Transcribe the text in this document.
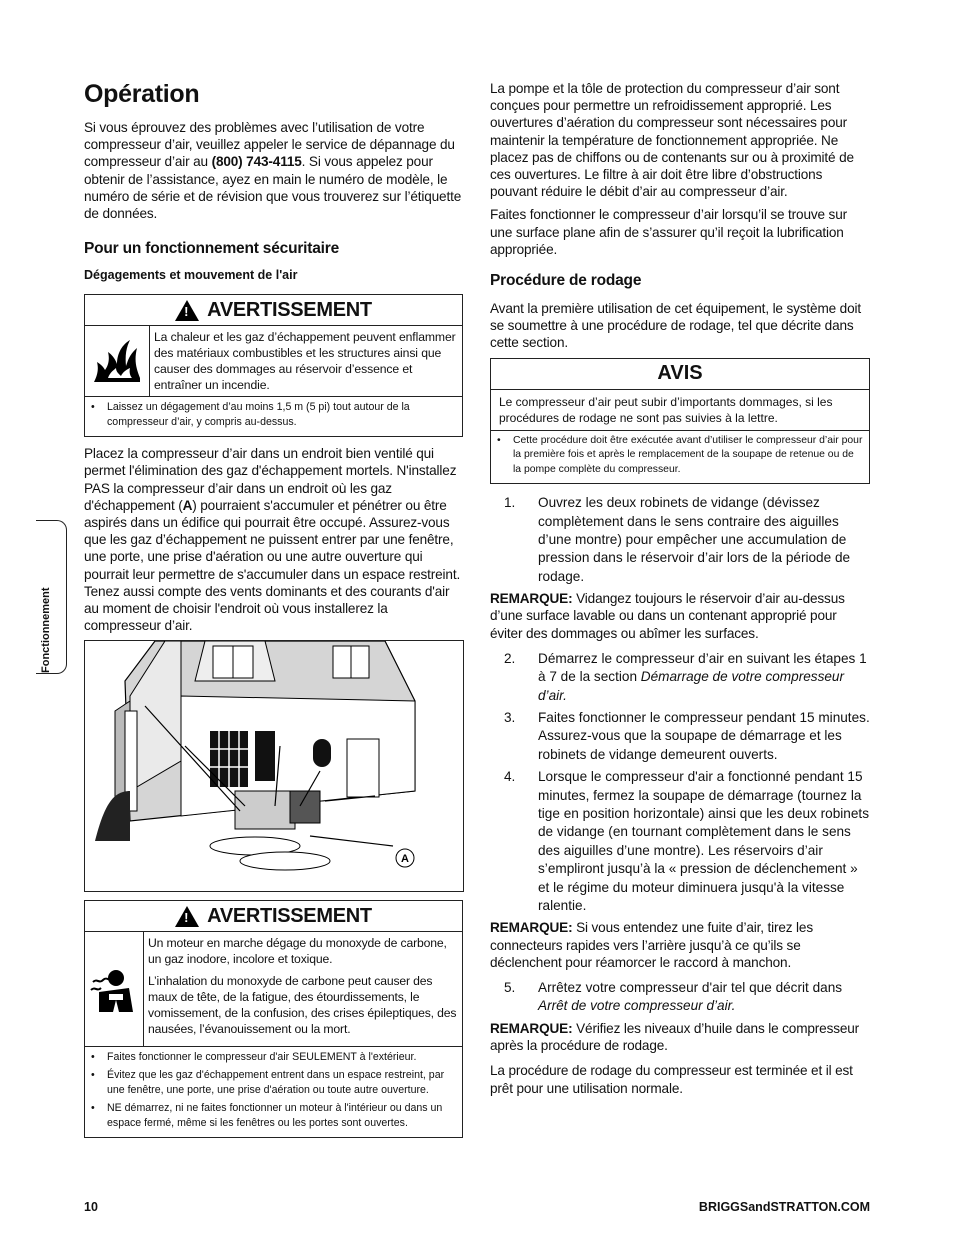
Fonctionnement
Opération

Si vous éprouvez des problèmes avec l’utilisation de votre compresseur d’air, veuillez appeler le service de dépannage du compresseur d’air au (800) 743-4115. Si vous appelez pour obtenir de l’assistance, ayez en main le numéro de modèle, le numéro de série et de révision que vous trouverez sur l’étiquette de données.

Pour un fonctionnement sécuritaire
Dégagements et mouvement de l'air
! AVERTISSEMENT
La chaleur et les gaz d’échappement peuvent enflammer des matériaux combustibles et les structures ainsi que causer des dommages au réservoir d’essence et entraîner un incendie.
•	Laissez un dégagement d’au moins 1,5 m (5 pi) tout autour de la compresseur d’air, y compris au-dessus.

Placez la compresseur d’air dans un endroit bien ventilé qui permet l'élimination des gaz d'échappement mortels. N'installez PAS la compresseur d’air dans un endroit où les gaz d'échappement (A) pourraient s'accumuler et pénétrer ou être aspirés dans un édifice qui pourrait être occupé. Assurez-vous que les gaz d’échappement ne puissent entrer par une fenêtre, une porte, une prise d'aération ou une autre ouverture qui pourrait leur permettre de s'accumuler dans un espace restreint. Tenez aussi compte des vents dominants et des courants d'air au moment de choisir l'endroit où vous installerez la compresseur d’air.

A
! AVERTISSEMENT

Un moteur en marche dégage du monoxyde de carbone, un gaz inodore, incolore et toxique.

L’inhalation du monoxyde de carbone peut causer des maux de tête, de la fatigue, des étourdissements, le vomissement, de la confusion, des crises épileptiques, des nausées, l’évanouissement ou la mort.

•	Faites fonctionner le compresseur d'air SEULEMENT à l'extérieur.
•	Évitez que les gaz d'échappement entrent dans un espace restreint, par une fenêtre, une porte, une prise d'aération ou toute autre ouverture.
•	NE démarrez, ni ne faites fonctionner un moteur à l'intérieur ou dans un espace fermé, même si les fenêtres ou les portes sont ouvertes.

La pompe et la tôle de protection du compresseur d’air sont conçues pour permettre un refroidissement approprié. Les ouvertures d’aération du compresseur sont nécessaires pour maintenir la température de fonctionnement appropriée. Ne placez pas de chiffons ou de contenants sur ou à proximité de ces ouvertures. Le filtre à air doit être libre d’obstructions pouvant réduire le débit d’air au compresseur d’air.

Faites fonctionner le compresseur d’air lorsqu’il se trouve sur une surface plane afin de s’assurer qu’il reçoit la lubrification appropriée.

Procédure de rodage

Avant la première utilisation de cet équipement, le système doit se soumettre à une procédure de rodage, tel que décrite dans cette section.

AVIS
Le compresseur d’air peut subir d’importants dommages, si les procédures de rodage ne sont pas suivies à la lettre.
•	Cette procédure doit être exécutée avant d’utiliser le compresseur d’air pour la première fois et après le remplacement de la soupape de retenue ou de la pompe complète du compresseur.
1.	Ouvrez les deux robinets de vidange (dévissez complètement dans le sens contraire des aiguilles d’une montre) pour empêcher une accumulation de pression dans le réservoir d’air lors de la période de rodage.

REMARQUE: Vidangez toujours le réservoir d’air au-dessus d’une surface lavable ou dans un contenant approprié pour éviter des dommages ou abîmer les surfaces.

2.	Démarrez le compresseur d’air en suivant les étapes 1 à 7 de la section Démarrage de votre compresseur d’air.
3.	Faites fonctionner le compresseur pendant 15 minutes. Assurez-vous que la soupape de démarrage et les robinets de vidange demeurent ouverts.
4.	Lorsque le compresseur d'air a fonctionné pendant 15 minutes, fermez la soupape de démarrage (tournez la tige en position horizontale) ainsi que les deux robinets de vidange (en tournant complètement dans le sens des aiguilles d’une montre). Les réservoirs d’air s’empliront jusqu’à la « pression de déclenchement » et le régime du moteur diminuera jusqu'à la vitesse ralentie.

REMARQUE: Si vous entendez une fuite d’air, tirez les connecteurs rapides vers l’arrière jusqu’à ce qu’ils se déclenchent pour réamorcer le raccord à manchon.

5.	Arrêtez votre compresseur d'air tel que décrit dans Arrêt de votre compresseur d’air.

REMARQUE: Vérifiez les niveaux d’huile dans le compresseur après la procédure de rodage.

La procédure de rodage du compresseur est terminée et il est prêt pour une utilisation normale.

10	BRIGGSandSTRATTON.COM
